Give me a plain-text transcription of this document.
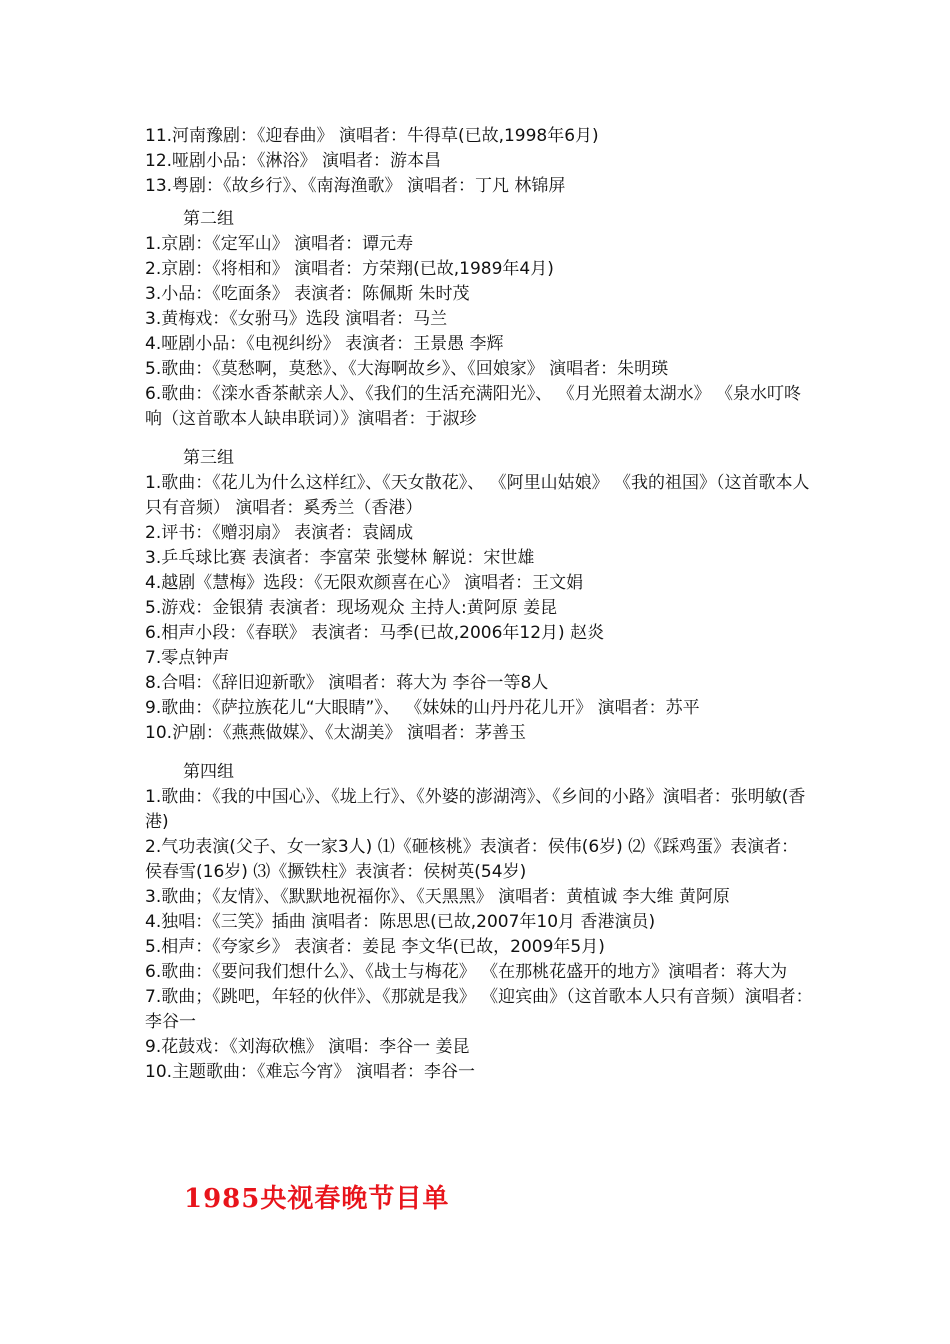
11.河南豫剧：《迎春曲》 演唱者：牛得草(已故,1998年6月)

12.哑剧小品：《淋浴》 演唱者：游本昌

13.粤剧：《故乡行》、《南海渔歌》 演唱者：丁凡 林锦屏

第二组

1.京剧：《定军山》 演唱者：谭元寿

2.京剧：《将相和》 演唱者：方荣翔(已故,1989年4月)

3.小品：《吃面条》 表演者：陈佩斯 朱时茂

3.黄梅戏：《女驸马》选段 演唱者：马兰

4.哑剧小品：《电视纠纷》 表演者：王景愚 李辉

5.歌曲：《莫愁啊，莫愁》、《大海啊故乡》、《回娘家》 演唱者：朱明瑛

6.歌曲：《滦水香茶献亲人》、《我们的生活充满阳光》、 《月光照着太湖水》 《泉水叮咚响（这首歌本人缺串联词）》演唱者：于淑珍

第三组

1.歌曲：《花儿为什么这样红》、《天女散花》、 《阿里山姑娘》 《我的祖国》（这首歌本人只有音频） 演唱者：奚秀兰（香港）

2.评书：《赠羽扇》 表演者：袁阔成

3.乒乓球比赛 表演者：李富荣 张燮林 解说：宋世雄

4.越剧《慧梅》选段：《无限欢颜喜在心》 演唱者：王文娟

5.游戏：金银猜 表演者：现场观众 主持人:黄阿原 姜昆

6.相声小段：《春联》 表演者：马季(已故,2006年12月) 赵炎

7.零点钟声

8.合唱：《辞旧迎新歌》 演唱者：蒋大为 李谷一等8人

9.歌曲：《萨拉族花儿“大眼睛”》、 《妹妹的山丹丹花儿开》 演唱者：苏平

10.沪剧：《燕燕做媒》、《太湖美》 演唱者：茅善玉

第四组

1.歌曲：《我的中国心》、《垅上行》、《外婆的澎湖湾》、《乡间的小路》演唱者：张明敏(香港)

2.气功表演(父子、女一家3人) ⑴《砸核桃》表演者：侯伟(6岁) ⑵《踩鸡蛋》表演者：侯春雪(16岁) ⑶《撅铁柱》表演者：侯树英(54岁)

3.歌曲；《友情》、《默默地祝福你》、《天黑黑》 演唱者：黄植诚 李大维 黄阿原

4.独唱：《三笑》插曲 演唱者：陈思思(已故,2007年10月 香港演员)

5.相声：《夸家乡》 表演者：姜昆 李文华(已故，2009年5月)

6.歌曲：《要问我们想什么》、《战士与梅花》 《在那桃花盛开的地方》演唱者：蒋大为

7.歌曲；《跳吧，年轻的伙伴》、《那就是我》 《迎宾曲》（这首歌本人只有音频）演唱者：李谷一

9.花鼓戏：《刘海砍樵》 演唱：李谷一 姜昆

10.主题歌曲：《难忘今宵》 演唱者：李谷一

1985央视春晚节目单
